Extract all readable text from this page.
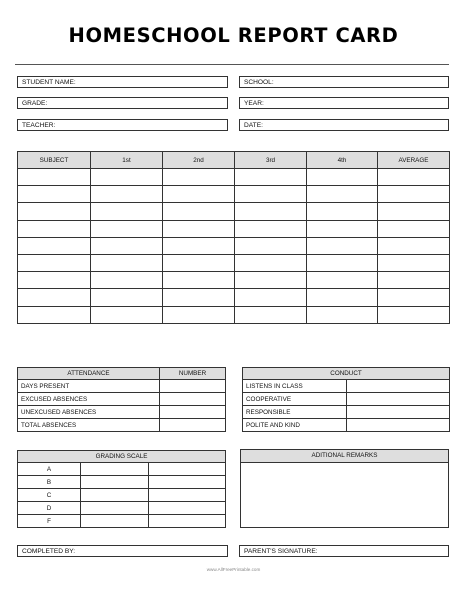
HOMESCHOOL REPORT CARD
STUDENT NAME:	SCHOOL:
GRADE:	YEAR:
TEACHER:	DATE:
SUBJECT	1st	2nd	3rd	4th	AVERAGE

ATTENDANCE	NUMBER
DAYS PRESENT	
EXCUSED ABSENCES	
UNEXCUSED ABSENCES	
TOTAL ABSENCES	
CONDUCT	
LISTENS IN CLASS	
COOPERATIVE	
RESPONSIBLE	
POLITE AND KIND	
GRADING SCALE		
A		
B		
C		
D		
F		
ADITIONAL REMARKS
COMPLETED BY:	PARENT'S SIGNATURE:
www.AllFreePrintable.com
